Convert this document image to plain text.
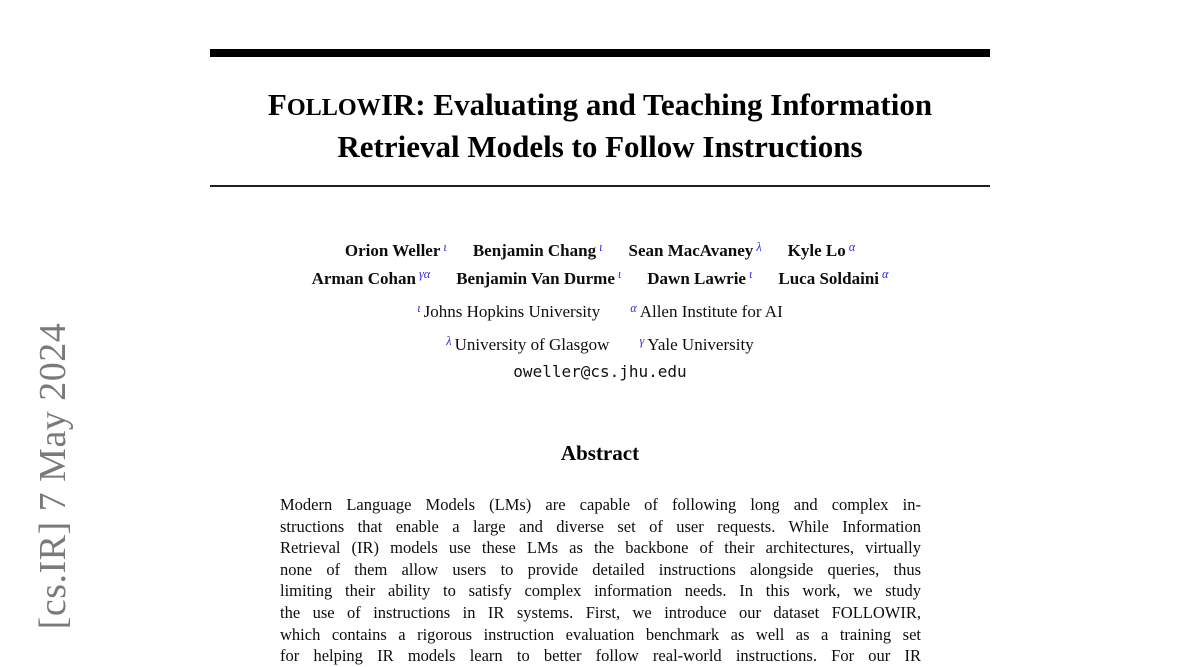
[cs.IR] 7 May 2024
FOLLOWIR: Evaluating and Teaching Information
Retrieval Models to Follow Instructions
Orion Weller $^\iota$ Benjamin Chang $^\iota$ Sean MacAvaney $^\lambda$ Kyle Lo $^\alpha$
Arman Cohan $^{\gamma\alpha}$ Benjamin Van Durme $^\iota$ Dawn Lawrie $^\iota$ Luca Soldaini $^\alpha$
$^\iota$ Johns Hopkins University $^\alpha$ Allen Institute for AI
$^\lambda$ University of Glasgow $^\gamma$ Yale University
oweller@cs.jhu.edu
Abstract
Modern Language Models (LMs) are capable of following long and complex in-
structions that enable a large and diverse set of user requests. While Information
Retrieval (IR) models use these LMs as the backbone of their architectures, virtually
none of them allow users to provide detailed instructions alongside queries, thus
limiting their ability to satisfy complex information needs. In this work, we study
the use of instructions in IR systems. First, we introduce our dataset FOLLOWIR,
which contains a rigorous instruction evaluation benchmark as well as a training set
for helping IR models learn to better follow real-world instructions. For our IR
